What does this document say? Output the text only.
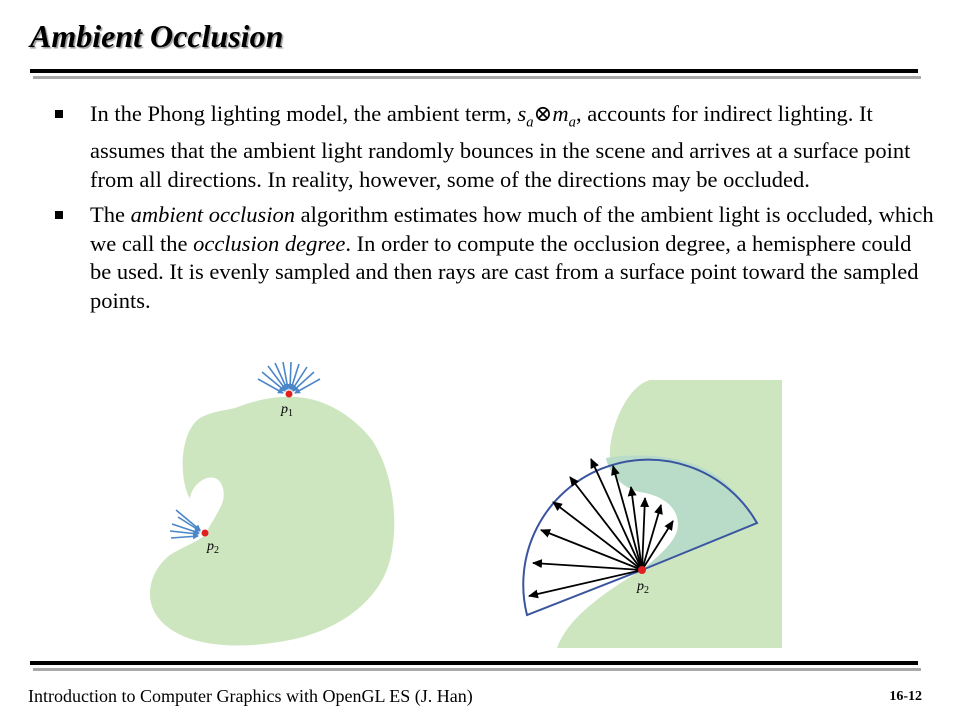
Ambient Occlusion
In the Phong lighting model, the ambient term, $s_a\otimes m_a$, accounts for indirect lighting. It assumes that the ambient light randomly bounces in the scene and arrives at a surface point from all directions. In reality, however, some of the directions may be occluded.
The ambient occlusion algorithm estimates how much of the ambient light is occluded, which we call the occlusion degree. In order to compute the occlusion degree, a hemisphere could be used. It is evenly sampled and then rays are cast from a surface point toward the sampled points.
$p_1$
$p_2$
$p_2$
Introduction to Computer Graphics with OpenGL ES (J. Han)	16-12
